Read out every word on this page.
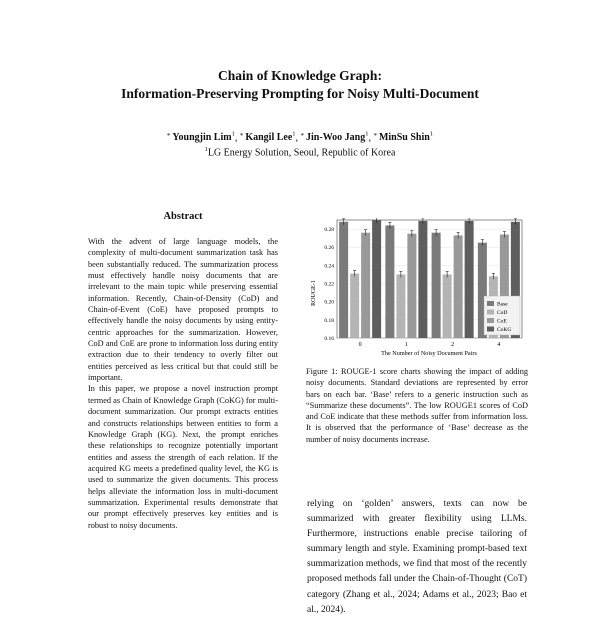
Chain of Knowledge Graph:
Information-Preserving Prompting for Noisy Multi-Document
* Youngjin Lim$^1$, * Kangil Lee$^1$, * Jin-Woo Jang$^1$, * MinSu Shin$^1$
$^1$LG Energy Solution, Seoul, Republic of Korea
Abstract

With the advent of large language models, the complexity of multi-document summarization task has been substantially reduced. The summarization process must effectively handle noisy documents that are irrelevant to the main topic while preserving essential information. Recently, Chain-of-Density (CoD) and Chain-of-Event (CoE) have proposed prompts to effectively handle the noisy documents by using entity-centric approaches for the summarization. However, CoD and CoE are prone to information loss during entity extraction due to their tendency to overly filter out entities perceived as less critical but that could still be important.

In this paper, we propose a novel instruction prompt termed as Chain of Knowledge Graph (CoKG) for multi-document summarization. Our prompt extracts entities and constructs relationships between entities to form a Knowledge Graph (KG). Next, the prompt enriches these relationships to recognize potentially important entities and assess the strength of each relation. If the acquired KG meets a predefined quality level, the KG is used to summarize the given documents. This process helps alleviate the information loss in multi-document summarization. Experimental results demonstrate that our prompt effectively preserves key entities and is robust to noisy documents.

0.28
0.26
0.24
0.22
0.20
0.18
0.16
0	1	2	4
ROUGE-1
The Number of Noisy Document Pairs
Base
CoD
CoE
CoKG
Figure 1: ROUGE-1 score charts showing the impact of adding noisy documents. Standard deviations are represented by error bars on each bar. ‘Base’ refers to a generic instruction such as “Summarize these documents”. The low ROUGE1 scores of CoD and CoE indicate that these methods suffer from information loss. It is observed that the performance of ‘Base’ decrease as the number of noisy documents increase.
relying on ‘golden’ answers, texts can now be summarized with greater flexibility using LLMs. Furthermore, instructions enable precise tailoring of summary length and style. Examining prompt-based text summarization methods, we find that most of the recently proposed methods fall under the Chain-of-Thought (CoT) category (Zhang et al., 2024; Adams et al., 2023; Bao et al., 2024).
